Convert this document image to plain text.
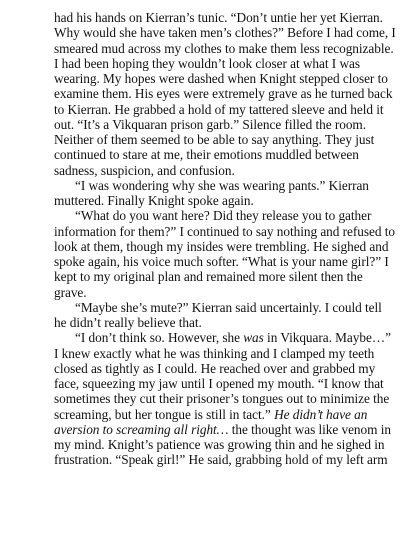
had his hands on Kierran’s tunic. “Don’t untie her yet Kierran. Why would she have taken men’s clothes?” Before I had come, I smeared mud across my clothes to make them less recognizable. I had been hoping they wouldn’t look closer at what I was wearing. My hopes were dashed when Knight stepped closer to examine them. His eyes were extremely grave as he turned back to Kierran. He grabbed a hold of my tattered sleeve and held it out. “It’s a Vikquaran prison garb.” Silence filled the room. Neither of them seemed to be able to say anything. They just continued to stare at me, their emotions muddled between sadness, suspicion, and confusion.

“I was wondering why she was wearing pants.” Kierran muttered. Finally Knight spoke again.

“What do you want here? Did they release you to gather information for them?” I continued to say nothing and refused to look at them, though my insides were trembling. He sighed and spoke again, his voice much softer. “What is your name girl?” I kept to my original plan and remained more silent then the grave.

“Maybe she’s mute?” Kierran said uncertainly. I could tell he didn’t really believe that.

“I don’t think so. However, she was in Vikquara. Maybe…” I knew exactly what he was thinking and I clamped my teeth closed as tightly as I could. He reached over and grabbed my face, squeezing my jaw until I opened my mouth. “I know that sometimes they cut their prisoner’s tongues out to minimize the screaming, but her tongue is still in tact.” He didn’t have an aversion to screaming all right… the thought was like venom in my mind. Knight’s patience was growing thin and he sighed in frustration. “Speak girl!” He said, grabbing hold of my left arm
